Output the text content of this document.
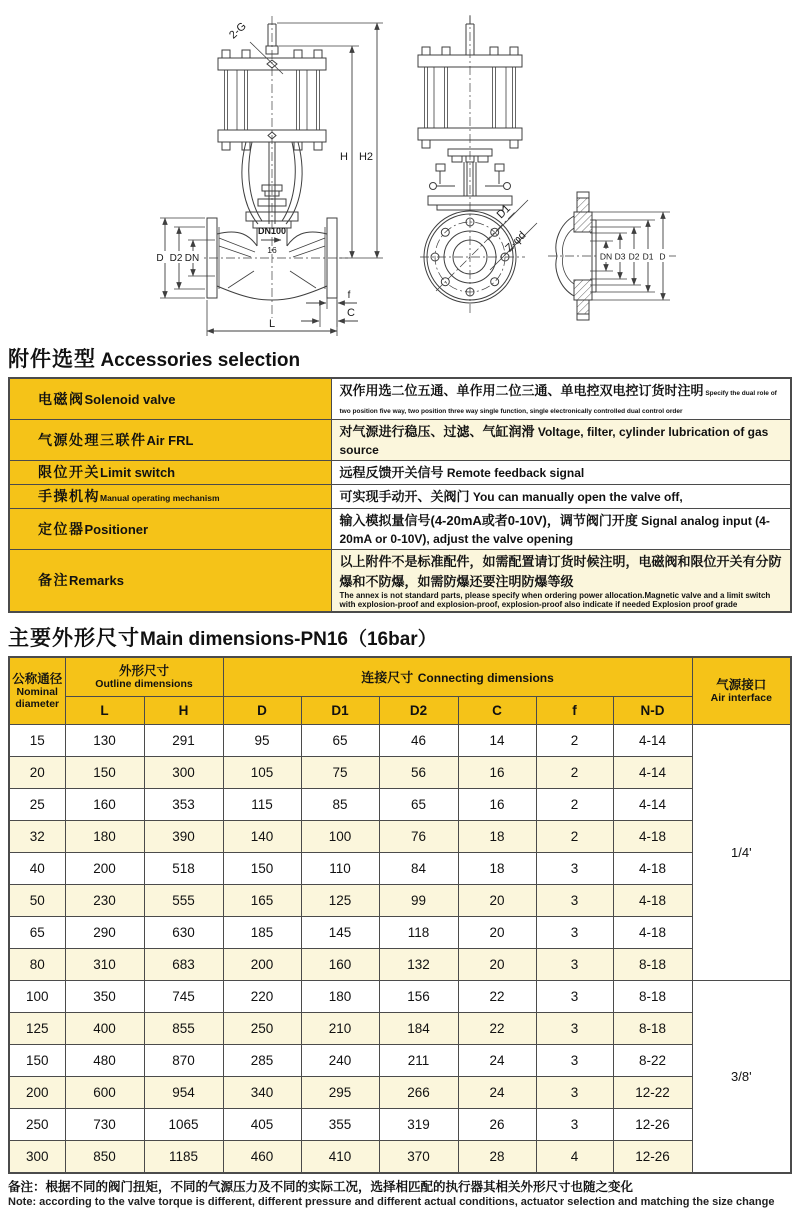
2-G
DN100
16
D D2 DN
L
f
C
H H2
D1
Z-φd
DN D3 D2 D1 D
附件选型 Accessories selection
电磁阀Solenoid valve	双作用选二位五通、单作用二位三通、单电控双电控订货时注明 Specify the dual role of two position five way, two position three way single function, single electronically controlled dual control order
气源处理三联件Air FRL	对气源进行稳压、过滤、气缸润滑 Voltage, filter, cylinder lubrication of gas source
限位开关Limit switch	远程反馈开关信号 Remote feedback signal
手操机构Manual operating mechanism	可实现手动开、关阀门 You can manually open the valve off,
定位器Positioner	输入模拟量信号(4-20mA或者0-10V)，调节阀门开度 Signal analog input (4-20mA or 0-10V), adjust the valve opening
备注Remarks	以上附件不是标准配件，如需配置请订货时候注明，电磁阀和限位开关有分防爆和不防爆，如需防爆还要注明防爆等级
The annex is not standard parts, please specify when ordering power allocation.Magnetic valve and a limit switch with explosion-proof and explosion-proof, explosion-proof also indicate if needed Explosion proof grade
主要外形尺寸Main dimensions-PN16（16bar）
公称通径
Nominal diameter	外形尺寸
Outline dimensions		连接尺寸 Connecting dimensions						气源接口
Air interface

	L	H	D	D1	D2	C	f	N-D	
15	130	291	95	65	46	14	2	4-14	1/4'
20	150	300	105	75	56	16	2	4-14	
25	160	353	115	85	65	16	2	4-14	
32	180	390	140	100	76	18	2	4-18	
40	200	518	150	110	84	18	3	4-18	
50	230	555	165	125	99	20	3	4-18	
65	290	630	185	145	118	20	3	4-18	
80	310	683	200	160	132	20	3	8-18	
100	350	745	220	180	156	22	3	8-18	3/8'
125	400	855	250	210	184	22	3	8-18	
150	480	870	285	240	211	24	3	8-22	
200	600	954	340	295	266	24	3	12-22	
250	730	1065	405	355	319	26	3	12-26	
300	850	1185	460	410	370	28	4	12-26	
备注：根据不同的阀门扭矩，不同的气源压力及不同的实际工况，选择相匹配的执行器其相关外形尺寸也随之变化
Note: according to the valve torque is different, different pressure and different actual conditions, actuator selection and matching the size change
